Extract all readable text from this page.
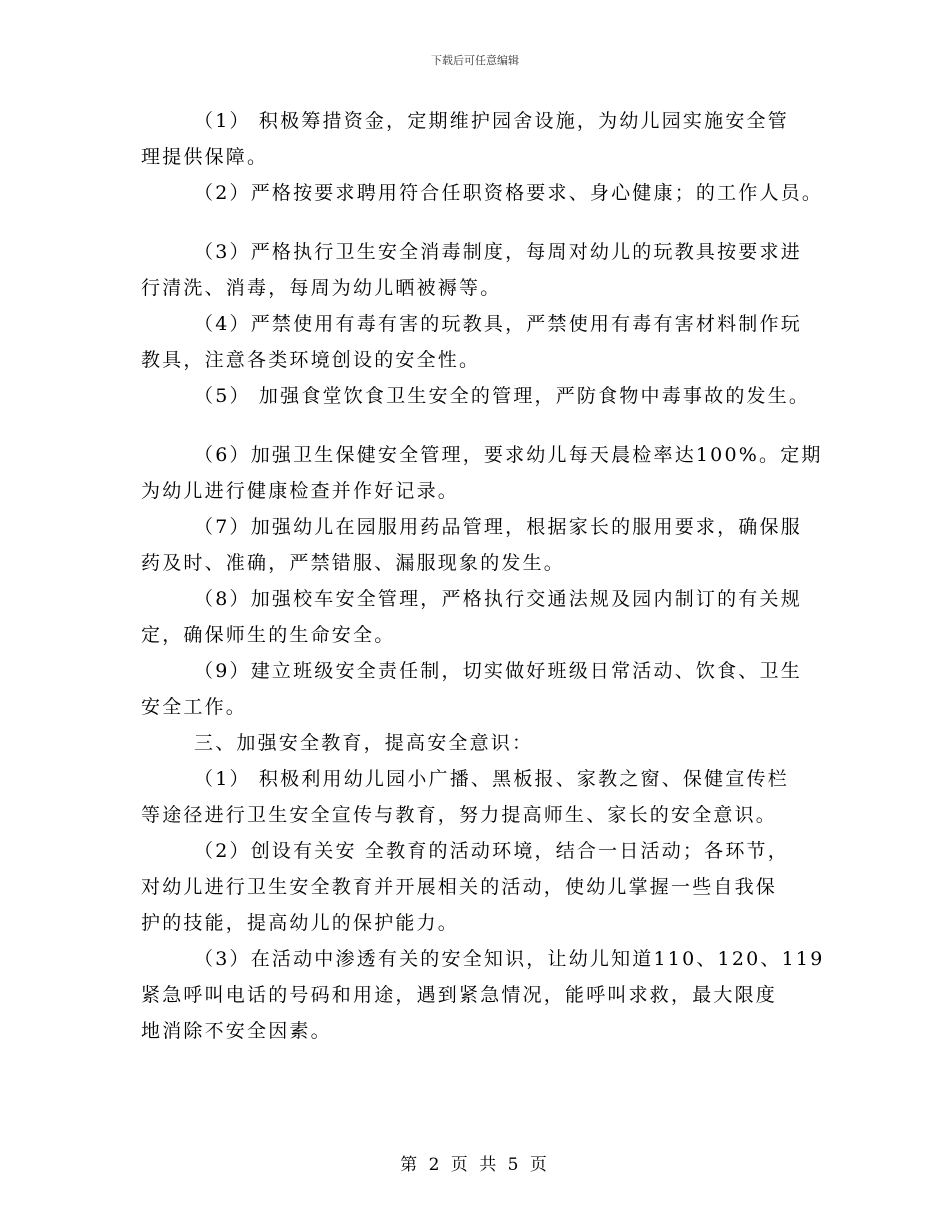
下载后可任意编辑
（1） 积极筹措资金，定期维护园舍设施，为幼儿园实施安全管
理提供保障。
（2）严格按要求聘用符合任职资格要求、身心健康；的工作人员。
（3）严格执行卫生安全消毒制度，每周对幼儿的玩教具按要求进
行清洗、消毒，每周为幼儿晒被褥等。
（4）严禁使用有毒有害的玩教具，严禁使用有毒有害材料制作玩
教具，注意各类环境创设的安全性。
（5） 加强食堂饮食卫生安全的管理，严防食物中毒事故的发生。
（6）加强卫生保健安全管理，要求幼儿每天晨检率达100%。定期
为幼儿进行健康检查并作好记录。
（7）加强幼儿在园服用药品管理，根据家长的服用要求，确保服
药及时、准确，严禁错服、漏服现象的发生。
（8）加强校车安全管理，严格执行交通法规及园内制订的有关规
定，确保师生的生命安全。
（9）建立班级安全责任制，切实做好班级日常活动、饮食、卫生
安全工作。
三、加强安全教育，提高安全意识：
（1） 积极利用幼儿园小广播、黑板报、家教之窗、保健宣传栏
等途径进行卫生安全宣传与教育，努力提高师生、家长的安全意识。
（2）创设有关安 全教育的活动环境，结合一日活动；各环节，
对幼儿进行卫生安全教育并开展相关的活动，使幼儿掌握一些自我保
护的技能，提高幼儿的保护能力。
（3）在活动中渗透有关的安全知识，让幼儿知道110、120、119
紧急呼叫电话的号码和用途，遇到紧急情况，能呼叫求救，最大限度
地消除不安全因素。
第 2 页 共 5 页
